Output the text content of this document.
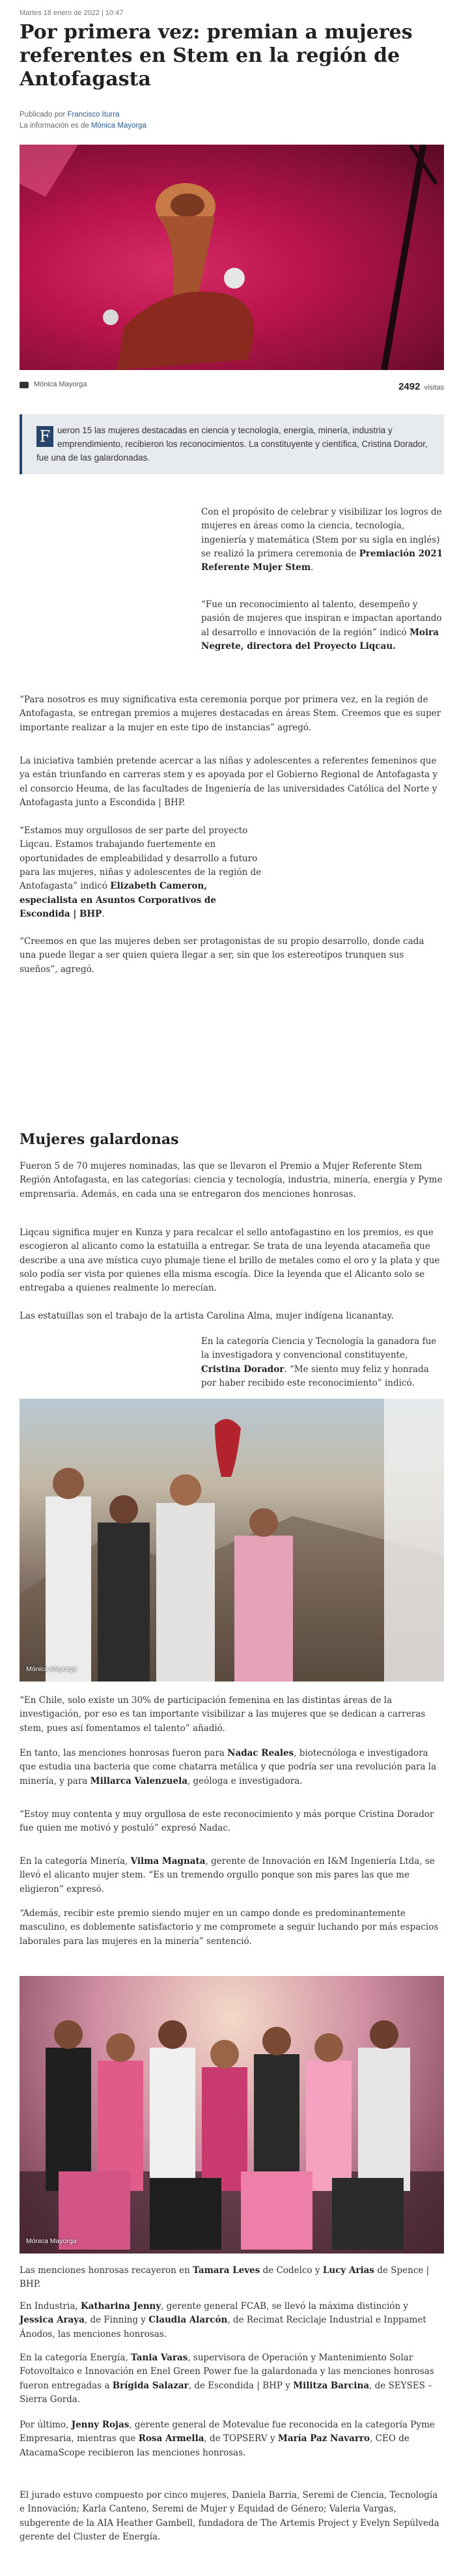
Martes 18 enero de 2022 | 10:47
Por primera vez: premian a mujeres referentes en Stem en la región de Antofagasta
Publicado por Francisco Iturra
La información es de Mónica Mayorga
Mónica Mayorga	2492 visitas
F ueron 15 las mujeres destacadas en ciencia y tecnología, energía, minería, industria y emprendimiento, recibieron los reconocimientos. La constituyente y científica, Cristina Dorador, fue una de las galardonadas.

Con el propósito de celebrar y visibilizar los logros de mujeres en áreas como la ciencia, tecnología, ingeniería y matemática (Stem por su sigla en inglés) se realizó la primera ceremonia de Premiación 2021 Referente Mujer Stem.

“Fue un reconocimiento al talento, desempeño y pasión de mujeres que inspiran e impactan aportando al desarrollo e innovación de la región” indicó Moira Negrete, directora del Proyecto Liqcau.

“Para nosotros es muy significativa esta ceremonia porque por primera vez, en la región de Antofagasta, se entregan premios a mujeres destacadas en áreas Stem. Creemos que es super importante realizar a la mujer en este tipo de instancias” agregó.

La iniciativa también pretende acercar a las niñas y adolescentes a referentes femeninos que ya están triunfando en carreras stem y es apoyada por el Gobierno Regional de Antofagasta y el consorcio Heuma, de las facultades de Ingeniería de las universidades Católica del Norte y Antofagasta junto a Escondida | BHP.

“Estamos muy orgullosos de ser parte del proyecto Liqcau. Estamos trabajando fuertemente en oportunidades de empleabilidad y desarrollo a futuro para las mujeres, niñas y adolescentes de la región de Antofagasta” indicó Elizabeth Cameron, especialista en Asuntos Corporativos de Escondida | BHP.

“Creemos en que las mujeres deben ser protagonistas de su propio desarrollo, donde cada una puede llegar a ser quien quiera llegar a ser, sin que los estereotipos trunquen sus sueños”, agregó.

Mujeres galardonas

Fueron 5 de 70 mujeres nominadas, las que se llevaron el Premio a Mujer Referente Stem Región Antofagasta, en las categorías: ciencia y tecnología, industria, minería, energía y Pyme emprensaria. Además, en cada una se entregaron dos menciones honrosas.

Liqcau significa mujer en Kunza y para recalcar el sello antofagastino en los premios, es que escogieron al alicanto como la estatuilla a entregar. Se trata de una leyenda atacameña que describe a una ave mística cuyo plumaje tiene el brillo de metales como el oro y la plata y que solo podía ser vista por quienes ella misma escogía. Dice la leyenda que el Alicanto solo se entregaba a quienes realmente lo merecían.

Las estatuillas son el trabajo de la artista Carolina Alma, mujer indígena licanantay.

En la categoría Ciencia y Tecnología la ganadora fue la investigadora y convencional constituyente, Cristina Dorador. “Me siento muy feliz y honrada por haber recibido este reconocimiento” indicó.

Mónica Mayorga

“En Chile, solo existe un 30% de participación femenina en las distintas áreas de la investigación, por eso es tan importante visibilizar a las mujeres que se dedican a carreras stem, pues así fomentamos el talento” añadió.

En tanto, las menciones honrosas fueron para Nadac Reales, biotecnóloga e investigadora que estudia una bacteria que come chatarra metálica y que podría ser una revolución para la minería, y para Millarca Valenzuela, geóloga e investigadora.

“Estoy muy contenta y muy orgullosa de este reconocimiento y más porque Cristina Dorador fue quien me motivó y postuló” expresó Nadac.

En la categoría Minería, Vilma Magnata, gerente de Innovación en I&M Ingeniería Ltda, se llevó el alicanto mujer stem. “Es un tremendo orgullo ponque son mis pares las que me eligieron” expresó.

“Además, recibir este premio siendo mujer en un campo donde es predominantemente masculino, es doblemente satisfactorio y me compromete a seguir luchando por más espacios laborales para las mujeres en la minería” sentenció.

Mónica Mayorga

Las menciones honrosas recayeron en Tamara Leves de Codelco y Lucy Arias de Spence | BHP.

En Industria, Katharina Jenny, gerente general FCAB, se llevó la máxima distinción y Jessica Araya, de Finning y Claudia Alarcón, de Recimat Reciclaje Industrial e Inppamet Ánodos, las menciones honrosas.

En la categoría Energía, Tania Varas, supervisora de Operación y Mantenimiento Solar Fotovoltaico e Innovación en Enel Green Power fue la galardonada y las menciones honrosas fueron entregadas a Brígida Salazar, de Escondida | BHP y Militza Barcina, de SEYSES – Sierra Gorda.

Por último, Jenny Rojas, gerente general de Motevalue fue reconocida en la categoría Pyme Empresaria, mientras que Rosa Armella, de TOPSERV y María Paz Navarro, CEO de AtacamaScope recibieron las menciones honrosas.

El jurado estuvo compuesto por cinco mujeres, Daniela Barria, Seremi de Ciencia, Tecnología e Innovación; Karla Canteno, Seremi de Mujer y Equidad de Género; Valeria Vargas, subgerente de la AIA Heather Gambell, fundadora de The Artemis Project y Evelyn Sepúlveda gerente del Cluster de Energía.
